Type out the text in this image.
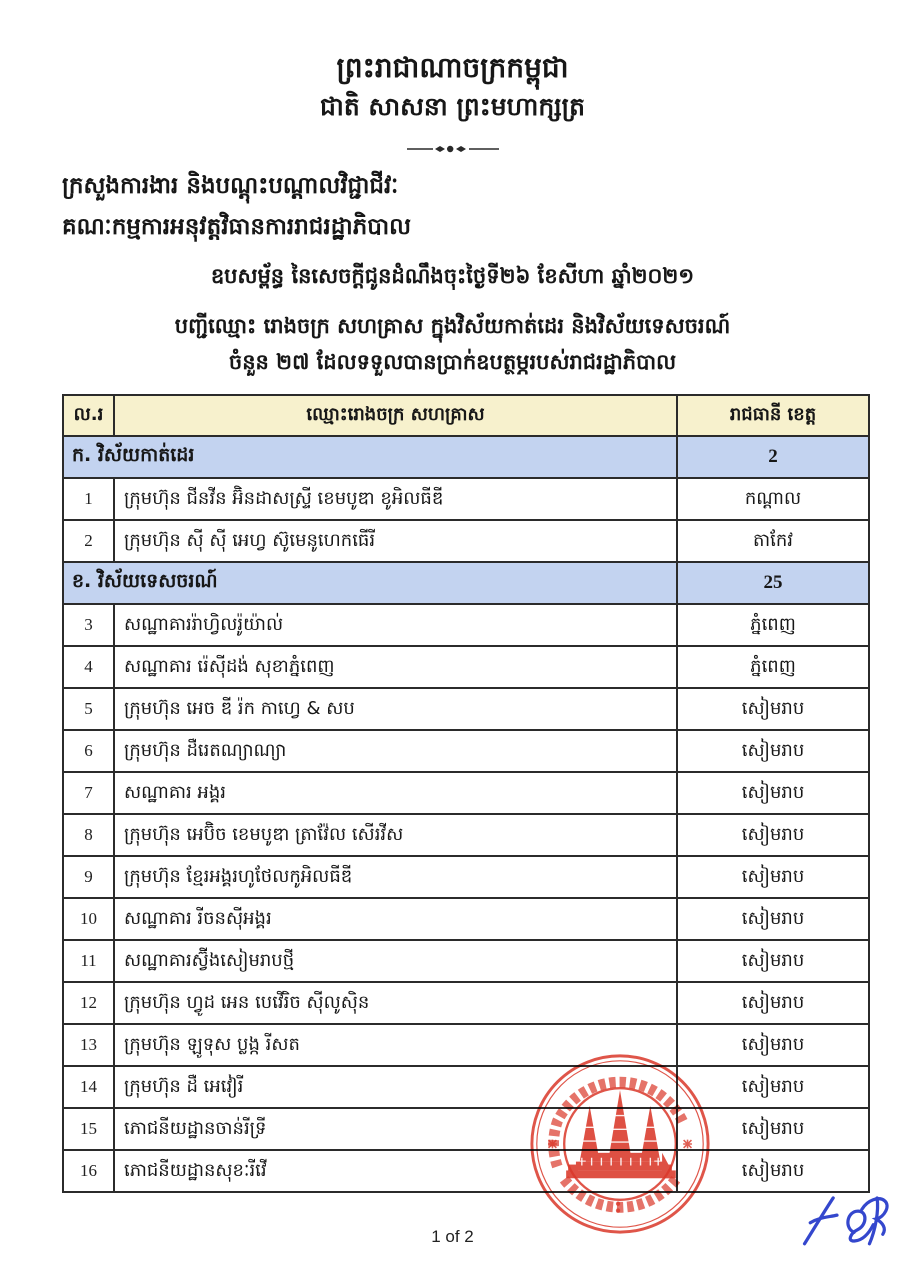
ព្រះរាជាណាចក្រកម្ពុជា
ជាតិ សាសនា ព្រះមហាក្សត្រ
ក្រសួងការងារ និងបណ្តុះបណ្តាលវិជ្ជាជីវៈ
គណៈកម្មការអនុវត្តវិធានការរាជរដ្ឋាភិបាល
ឧបសម្ព័ន្ធ នៃសេចក្តីជូនដំណឹងចុះថ្ងៃទី២៦ ខែសីហា ឆ្នាំ២០២១
បញ្ជីឈ្មោះ រោងចក្រ សហគ្រាស ក្នុងវិស័យកាត់ដេរ និងវិស័យទេសចរណ៍
ចំនួន ២៧ ដែលទទួលបានប្រាក់ឧបត្ថម្ភរបស់រាជរដ្ឋាភិបាល
ល.រ	ឈ្មោះរោងចក្រ សហគ្រាស	រាជធានី ខេត្ត
ក. វិស័យកាត់ដេរ		2
1	ក្រុមហ៊ុន ជីនវីន អ៊ិនដាសស្ទ្រី ខេមបូឌា ខូអិលធីឌី	កណ្តាល
2	ក្រុមហ៊ុន ស៊ី ស៊ី អេហ្វ ស៊ូមេនូហេកធើរី	តាកែវ
ខ. វិស័យទេសចរណ៍		25
3	សណ្ឋាគាររ៉ាហ្វិលរ៉ូយ៉ាល់	ភ្នំពេញ
4	សណ្ឋាគារ រ៉េស៊ីដង់ សុខាភ្នំពេញ	ភ្នំពេញ
5	ក្រុមហ៊ុន អេច ឌី រ៉ក កាហ្វេ & សប	សៀមរាប
6	ក្រុមហ៊ុន ដឺរេតណ្យាណ្យា	សៀមរាប
7	សណ្ឋាគារ អង្គរ	សៀមរាប
8	ក្រុមហ៊ុន អេប៊ិច ខេមបូឌា ត្រាវ៉ែល សើរវីស	សៀមរាប
9	ក្រុមហ៊ុន ខ្មែរអង្គរហូថែលកូអិលធីឌី	សៀមរាប
10	សណ្ឋាគារ រីចនស៊ីអង្គរ	សៀមរាប
11	សណ្ឋាគារស្វ៊ីងសៀមរាបថ្មី	សៀមរាប
12	ក្រុមហ៊ុន ហ្វូដ អេន បេវើរិច ស៊ីលូស៊ិន	សៀមរាប
13	ក្រុមហ៊ុន ឡូទុស ប្លង្ក រីសត	សៀមរាប
14	ក្រុមហ៊ុន ដឺ អេវៀរី	សៀមរាប
15	ភោជនីយដ្ឋានចាន់រីទ្រី	សៀមរាប
16	ភោជនីយដ្ឋានសុខៈរីវើ	សៀមរាប
1 of 2
